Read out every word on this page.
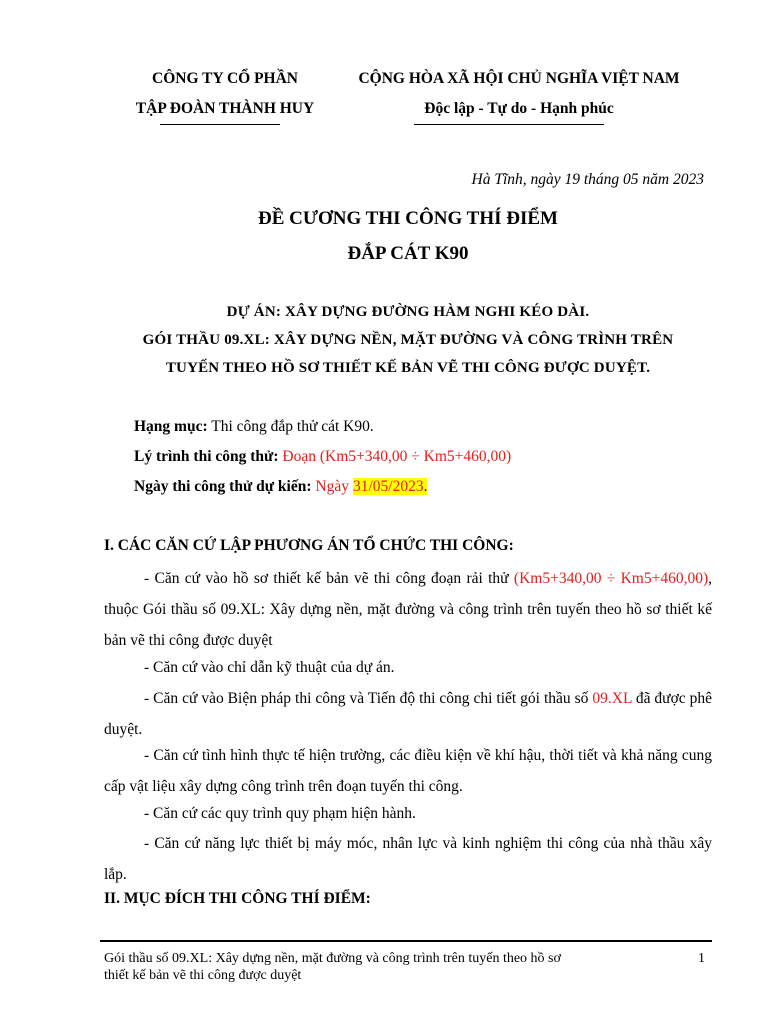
CÔNG TY CỔ PHẦN
TẬP ĐOÀN THÀNH HUY
CỘNG HÒA XÃ HỘI CHỦ NGHĨA VIỆT NAM
Độc lập - Tự do - Hạnh phúc
Hà Tĩnh, ngày 19 tháng 05 năm 2023
ĐỀ CƯƠNG THI CÔNG THÍ ĐIỂM
ĐẮP CÁT K90
DỰ ÁN: XÂY DỰNG ĐƯỜNG HÀM NGHI KÉO DÀI.
GÓI THẦU 09.XL: XÂY DỰNG NỀN, MẶT ĐƯỜNG VÀ CÔNG TRÌNH TRÊN
TUYẾN THEO HỒ SƠ THIẾT KẾ BẢN VẼ THI CÔNG ĐƯỢC DUYỆT.
Hạng mục: Thi công đắp thử cát K90.
Lý trình thi công thử: Đoạn (Km5+340,00 ÷ Km5+460,00)
Ngày thi công thử dự kiến: Ngày 31/05/2023.
I. CÁC CĂN CỨ LẬP PHƯƠNG ÁN TỔ CHỨC THI CÔNG:
- Căn cứ vào hồ sơ thiết kế bản vẽ thi công đoạn rải thử (Km5+340,00 ÷ Km5+460,00), thuộc Gói thầu số 09.XL: Xây dựng nền, mặt đường và công trình trên tuyến theo hồ sơ thiết kế bản vẽ thi công được duyệt
- Căn cứ vào chỉ dẫn kỹ thuật của dự án.
- Căn cứ vào Biện pháp thi công và Tiến độ thi công chi tiết gói thầu số 09.XL đã được phê duyệt.
- Căn cứ tình hình thực tế hiện trường, các điều kiện về khí hậu, thời tiết và khả năng cung cấp vật liệu xây dựng công trình trên đoạn tuyến thi công.
- Căn cứ các quy trình quy phạm hiện hành.
- Căn cứ năng lực thiết bị máy móc, nhân lực và kinh nghiệm thi công của nhà thầu xây lắp.
II. MỤC ĐÍCH THI CÔNG THÍ ĐIỂM:
Gói thầu số 09.XL: Xây dựng nền, mặt đường và công trình trên tuyến theo hồ sơ
thiết kế bản vẽ thi công được duyệt
1
